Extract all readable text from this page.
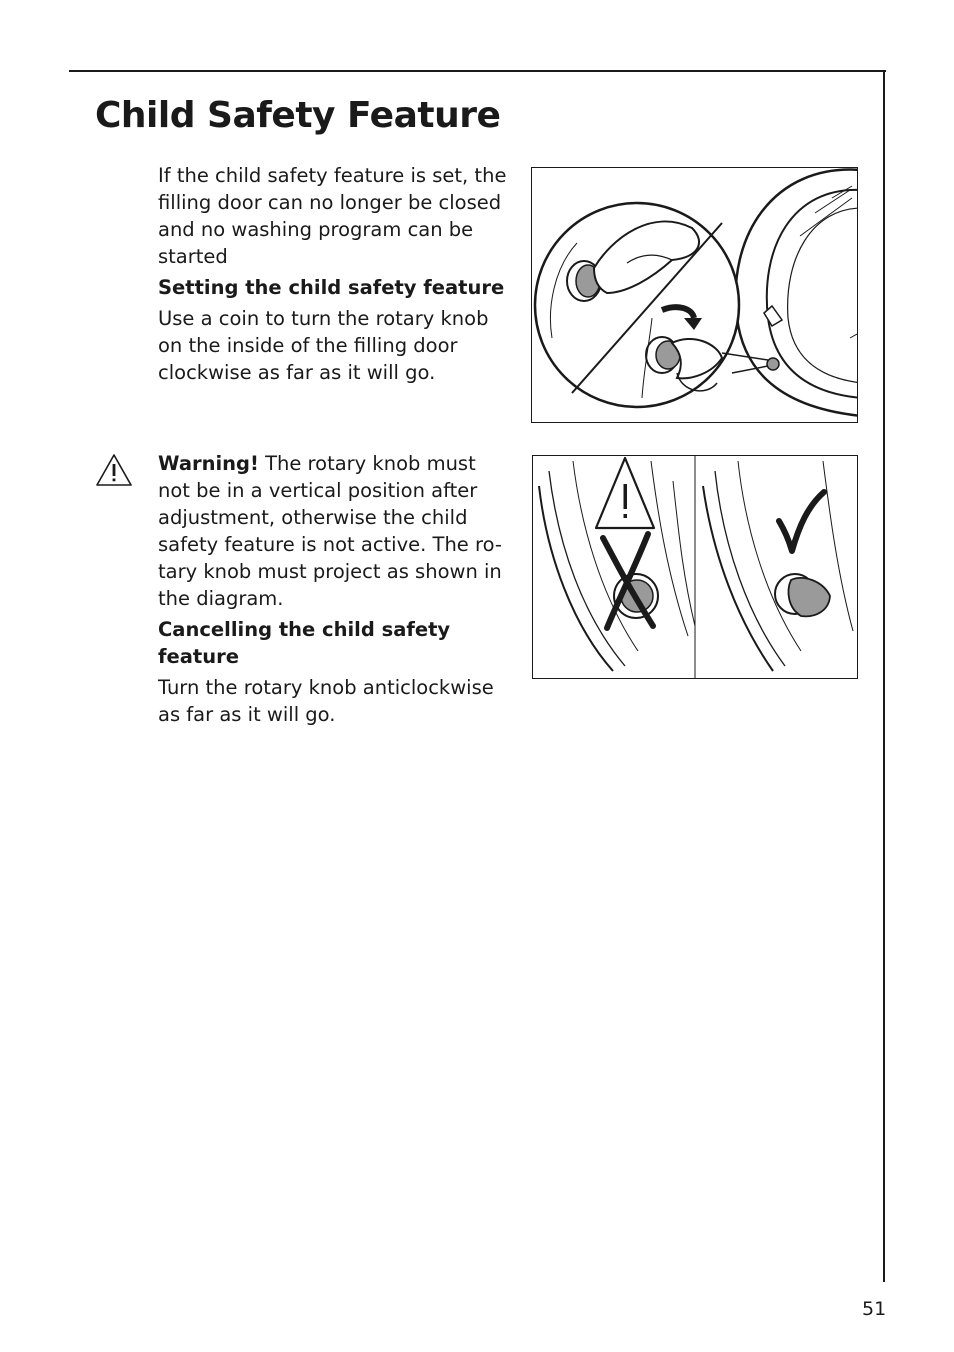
Child Safety Feature

If the child safety feature is set, the filling door can no longer be closed and no washing program can be started

Setting the child safety feature

Use a coin to turn the rotary knob on the inside of the filling door clockwise as far as it will go.

Warning! The rotary knob must not be in a vertical position after adjustment, otherwise the child safety feature is not active. The ro-tary knob must project as shown in the diagram.

Cancelling the child safety feature

Turn the rotary knob anticlockwise as far as it will go.

51
